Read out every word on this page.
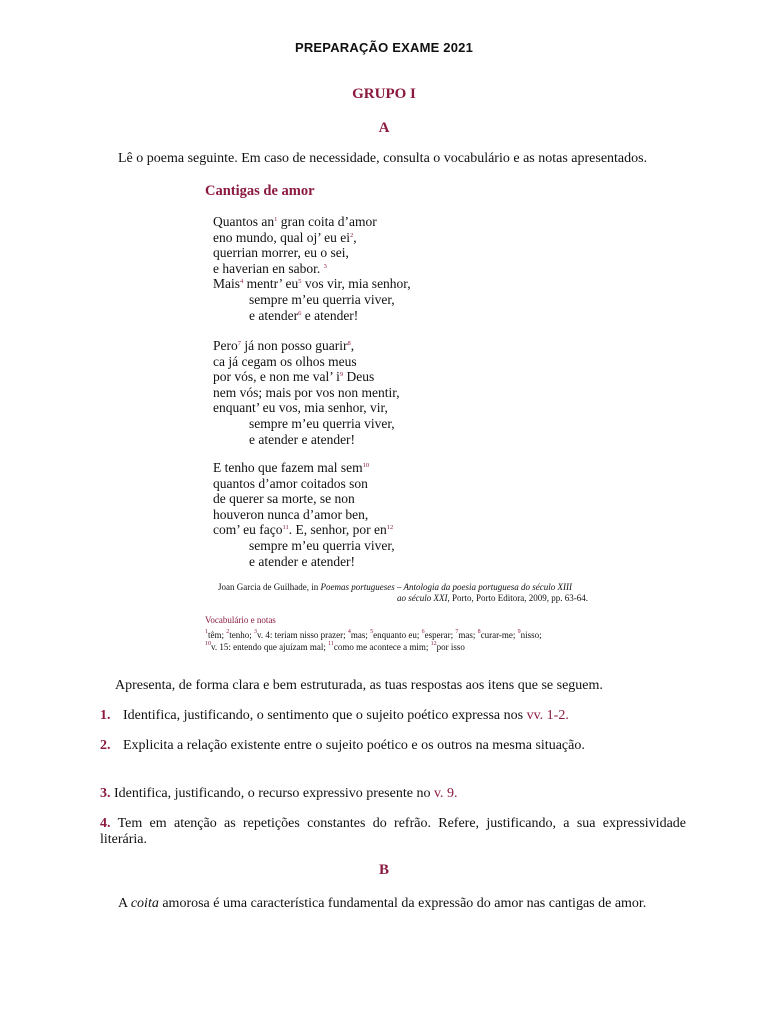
PREPARAÇÃO EXAME 2021
GRUPO I
A
Lê o poema seguinte. Em caso de necessidade, consulta o vocabulário e as notas apresentados.
Cantigas de amor
Quantos $an^1$ gran coita d’amor
eno mundo, qual oj’ eu $ei^2$,
querrian morrer, eu o sei,
e haverian en sabor. $^3$
Mais$^4$ mentr’ $eu^5$ vos vir, mia senhor,
sempre m’eu querria viver,
e atender$^6$ e atender!
Pero$^7$ já non posso guarir$^8$,
ca já cegam os olhos meus
por vós, e non me val’ $i^9$ Deus
nem vós; mais por vos non mentir,
enquant’ eu vos, mia senhor, vir,
sempre m’eu querria viver,
e atender e atender!
E tenho que fazem mal sem$^{10}$
quantos d’amor coitados son
de querer sa morte, se non
houveron nunca d’amor ben,
com’ eu faço$^{11}$. E, senhor, por $en^{12}$
sempre m’eu querria viver,
e atender e atender!
Joan Garcia de Guilhade, in Poemas portugueses – Antologia da poesia portuguesa do século XIII
ao século XXI, Porto, Porto Editora, 2009, pp. 63-64.
Vocabulário e notas
$^1$têm; $^2$tenho; $^3$v. 4: teriam nisso prazer; $^4$mas; $^5$enquanto eu; $^6$esperar; $^7$mas; $^8$curar-me; $^9$nisso;
$^{10}$v. 15: entendo que ajuízam mal; $^{11}$como me acontece a mim; $^{12}$por isso
Apresenta, de forma clara e bem estruturada, as tuas respostas aos itens que se seguem.
1. Identifica, justificando, o sentimento que o sujeito poético expressa nos vv. 1-2.
2. Explicita a relação existente entre o sujeito poético e os outros na mesma situação.
3. Identifica, justificando, o recurso expressivo presente no v. 9.
4. Tem em atenção as repetições constantes do refrão. Refere, justificando, a sua expressividade literária.
B
A coita amorosa é uma característica fundamental da expressão do amor nas cantigas de amor.
